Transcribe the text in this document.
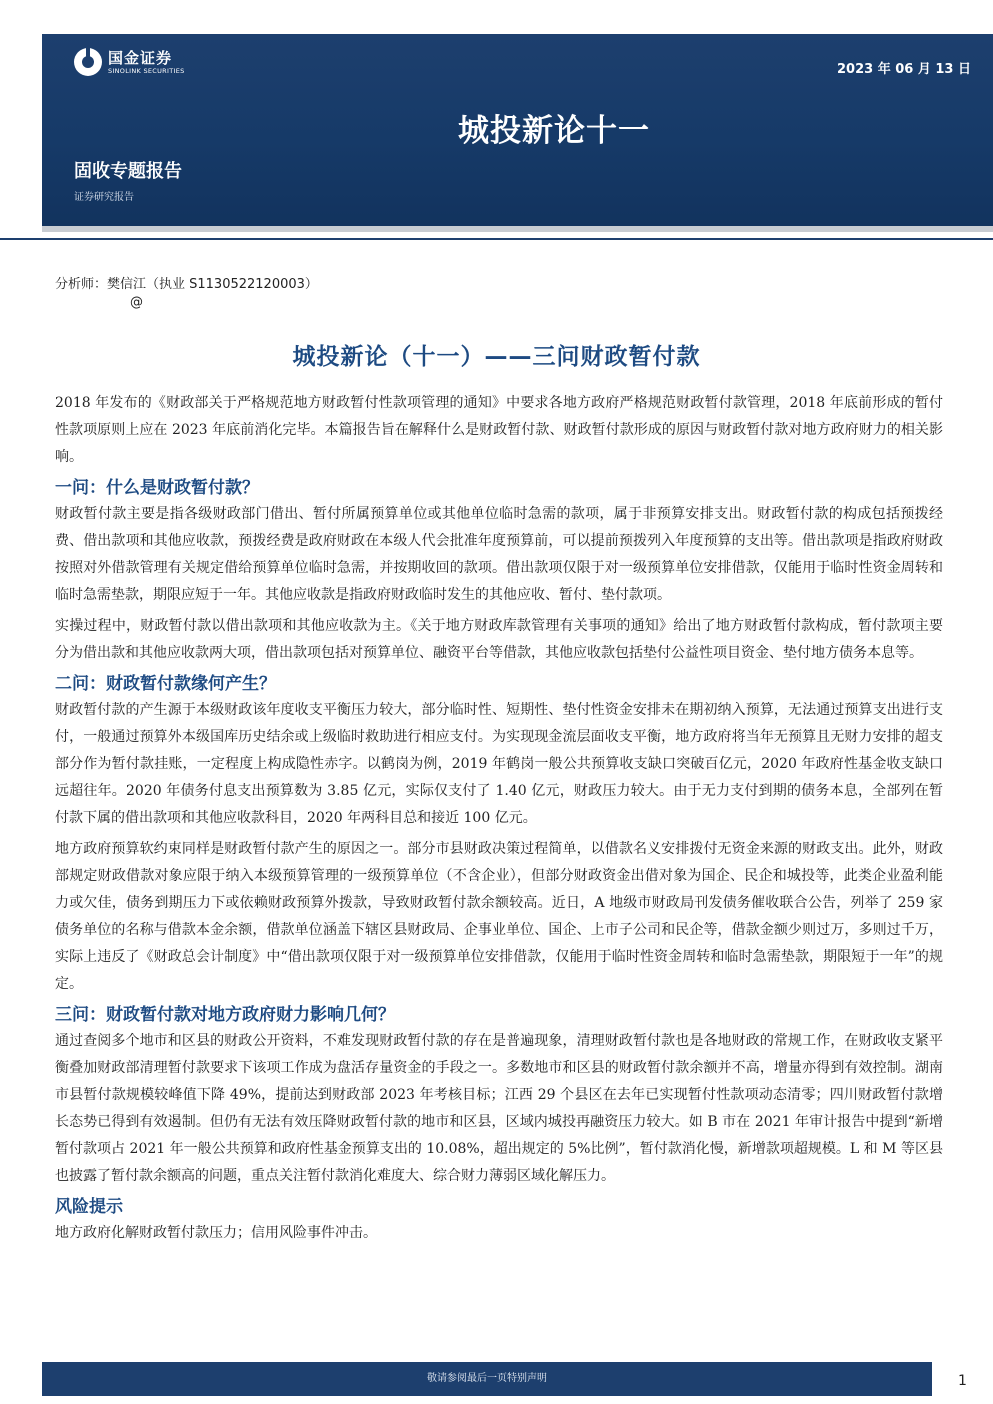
国金证券
SINOLINK SECURITIES	2023 年 06 月 13 日
城投新论十一
固收专题报告
证券研究报告
分析师：樊信江（执业 S1130522120003）
@
城投新论（十一）——三问财政暂付款

2018 年发布的《财政部关于严格规范地方财政暂付性款项管理的通知》中要求各地方政府严格规范财政暂付款管理，2018 年底前形成的暂付性款项原则上应在 2023 年底前消化完毕。本篇报告旨在解释什么是财政暂付款、财政暂付款形成的原因与财政暂付款对地方政府财力的相关影响。

一问：什么是财政暂付款？

财政暂付款主要是指各级财政部门借出、暂付所属预算单位或其他单位临时急需的款项，属于非预算安排支出。财政暂付款的构成包括预拨经费、借出款项和其他应收款，预拨经费是政府财政在本级人代会批准年度预算前，可以提前预拨列入年度预算的支出等。借出款项是指政府财政按照对外借款管理有关规定借给预算单位临时急需，并按期收回的款项。借出款项仅限于对一级预算单位安排借款，仅能用于临时性资金周转和临时急需垫款，期限应短于一年。其他应收款是指政府财政临时发生的其他应收、暂付、垫付款项。

实操过程中，财政暂付款以借出款项和其他应收款为主。《关于地方财政库款管理有关事项的通知》给出了地方财政暂付款构成，暂付款项主要分为借出款和其他应收款两大项，借出款项包括对预算单位、融资平台等借款，其他应收款包括垫付公益性项目资金、垫付地方债务本息等。

二问：财政暂付款缘何产生？

财政暂付款的产生源于本级财政该年度收支平衡压力较大，部分临时性、短期性、垫付性资金安排未在期初纳入预算，无法通过预算支出进行支付，一般通过预算外本级国库历史结余或上级临时救助进行相应支付。为实现现金流层面收支平衡，地方政府将当年无预算且无财力安排的超支部分作为暂付款挂账，一定程度上构成隐性赤字。以鹤岗为例，2019 年鹤岗一般公共预算收支缺口突破百亿元，2020 年政府性基金收支缺口远超往年。2020 年债务付息支出预算数为 3.85 亿元，实际仅支付了 1.40 亿元，财政压力较大。由于无力支付到期的债务本息，全部列在暂付款下属的借出款项和其他应收款科目，2020 年两科目总和接近 100 亿元。

地方政府预算软约束同样是财政暂付款产生的原因之一。部分市县财政决策过程简单，以借款名义安排拨付无资金来源的财政支出。此外，财政部规定财政借款对象应限于纳入本级预算管理的一级预算单位（不含企业），但部分财政资金出借对象为国企、民企和城投等，此类企业盈利能力或欠佳，债务到期压力下或依赖财政预算外拨款，导致财政暂付款余额较高。近日，A 地级市财政局刊发债务催收联合公告，列举了 259 家债务单位的名称与借款本金余额，借款单位涵盖下辖区县财政局、企事业单位、国企、上市子公司和民企等，借款金额少则过万，多则过千万，实际上违反了《财政总会计制度》中“借出款项仅限于对一级预算单位安排借款，仅能用于临时性资金周转和临时急需垫款，期限短于一年”的规定。

三问：财政暂付款对地方政府财力影响几何？

通过查阅多个地市和区县的财政公开资料，不难发现财政暂付款的存在是普遍现象，清理财政暂付款也是各地财政的常规工作，在财政收支紧平衡叠加财政部清理暂付款要求下该项工作成为盘活存量资金的手段之一。多数地市和区县的财政暂付款余额并不高，增量亦得到有效控制。湖南市县暂付款规模较峰值下降 49%，提前达到财政部 2023 年考核目标；江西 29 个县区在去年已实现暂付性款项动态清零；四川财政暂付款增长态势已得到有效遏制。但仍有无法有效压降财政暂付款的地市和区县，区域内城投再融资压力较大。如 B 市在 2021 年审计报告中提到“新增暂付款项占 2021 年一般公共预算和政府性基金预算支出的 10.08%，超出规定的 5%比例”，暂付款消化慢，新增款项超规模。L 和 M 等区县也披露了暂付款余额高的问题，重点关注暂付款消化难度大、综合财力薄弱区域化解压力。

风险提示

地方政府化解财政暂付款压力；信用风险事件冲击。

敬请参阅最后一页特别声明	1
